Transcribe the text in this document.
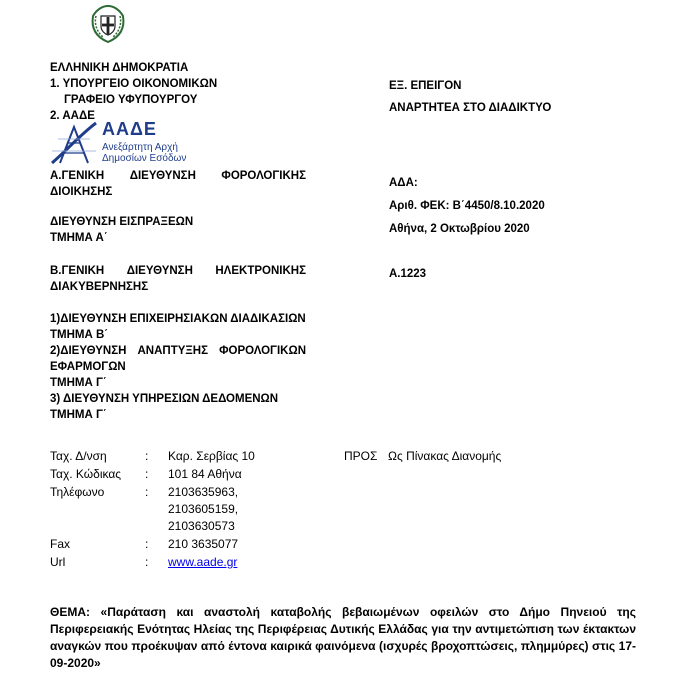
ΕΛΛΗΝΙΚΗ ΔΗΜΟΚΡΑΤΙΑ
1. ΥΠΟΥΡΓΕΙΟ ΟΙΚΟΝΟΜΙΚΩΝ
ΓΡΑΦΕΙΟ ΥΦΥΠΟΥΡΓΟΥ
2. ΑΑΔΕ
ΑΑΔΕ
Ανεξάρτητη Αρχή
Δημοσίων Εσόδων
Α.ΓΕΝΙΚΗ ΔΙΕΥΘΥΝΣΗ ΦΟΡΟΛΟΓΙΚΗΣ
ΔΙΟΙΚΗΣΗΣ
ΔΙΕΥΘΥΝΣΗ ΕΙΣΠΡΑΞΕΩΝ
ΤΜΗΜΑ Α΄
Β.ΓΕΝΙΚΗ ΔΙΕΥΘΥΝΣΗ ΗΛΕΚΤΡΟΝΙΚΗΣ
ΔΙΑΚΥΒΕΡΝΗΣΗΣ
1)ΔΙΕΥΘΥΝΣΗ ΕΠΙΧΕΙΡΗΣΙΑΚΩΝ ΔΙΑΔΙΚΑΣΙΩΝ
ΤΜΗΜΑ Β΄
2)ΔΙΕΥΘΥΝΣΗ ΑΝΑΠΤΥΞΗΣ ΦΟΡΟΛΟΓΙΚΩΝ
ΕΦΑΡΜΟΓΩΝ
ΤΜΗΜΑ Γ΄
3) ΔΙΕΥΘΥΝΣΗ ΥΠΗΡΕΣΙΩΝ ΔΕΔΟΜΕΝΩΝ
ΤΜΗΜΑ Γ΄
ΕΞ. ΕΠΕΙΓΟΝ
ΑΝΑΡΤΗΤΕΑ ΣΤΟ ΔΙΑΔΙΚΤΥΟ
ΑΔΑ:
Αριθ. ΦΕΚ: Β΄4450/8.10.2020
Αθήνα, 2 Οκτωβρίου 2020
Α.1223
Ταχ. Δ/νση	: Καρ. Σερβίας 10
Ταχ. Κώδικας : 101 84 Αθήνα
Τηλέφωνο	: 2103635963,
2103605159,
2103630573
Fax	: 210 3635077
Url	: www.aade.gr
ΠΡΟΣ Ως Πίνακας Διανομής
ΘΕΜΑ: «Παράταση και αναστολή καταβολής βεβαιωμένων οφειλών στο Δήμο Πηνειού της Περιφερειακής Ενότητας Ηλείας της Περιφέρειας Δυτικής Ελλάδας για την αντιμετώπιση των έκτακτων αναγκών που προέκυψαν από έντονα καιρικά φαινόμενα (ισχυρές βροχοπτώσεις, πλημμύρες) στις 17-09-2020»
